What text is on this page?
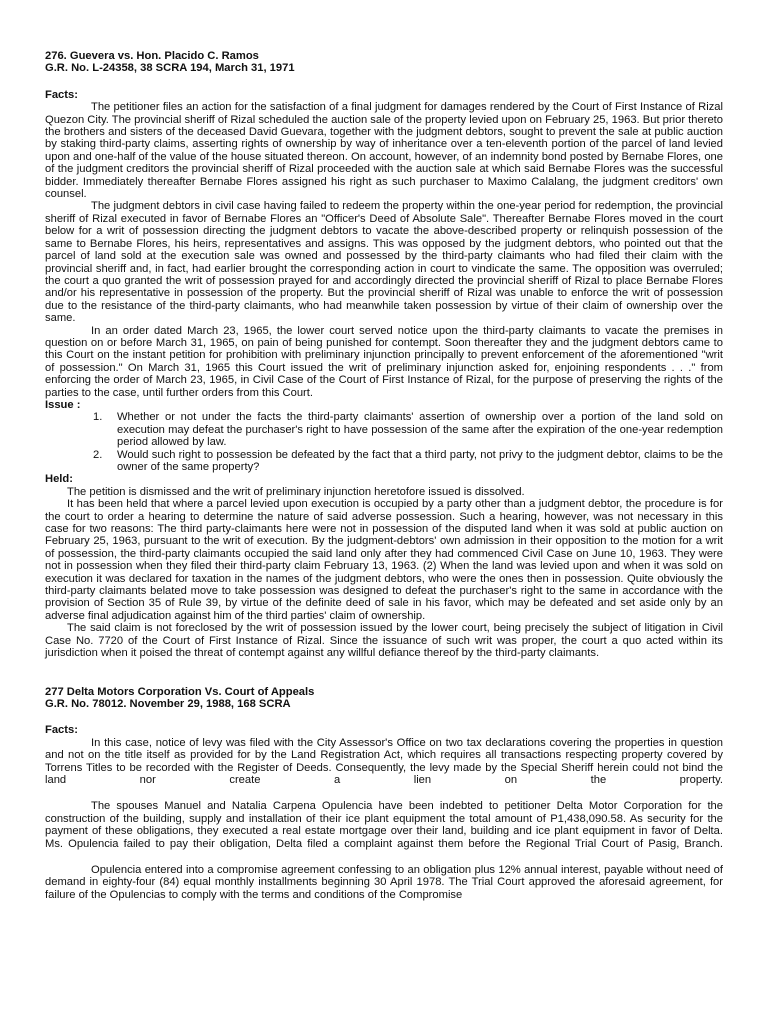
276. Guevera vs. Hon. Placido C. Ramos
G.R. No. L-24358, 38 SCRA 194, March 31, 1971
Facts:

The petitioner files an action for the satisfaction of a final judgment for damages rendered by the Court of First Instance of Rizal Quezon City. The provincial sheriff of Rizal scheduled the auction sale of the property levied upon on February 25, 1963. But prior thereto the brothers and sisters of the deceased David Guevara, together with the judgment debtors, sought to prevent the sale at public auction by staking third-party claims, asserting rights of ownership by way of inheritance over a ten-eleventh portion of the parcel of land levied upon and one-half of the value of the house situated thereon. On account, however, of an indemnity bond posted by Bernabe Flores, one of the judgment creditors the provincial sheriff of Rizal proceeded with the auction sale at which said Bernabe Flores was the successful bidder. Immediately thereafter Bernabe Flores assigned his right as such purchaser to Maximo Calalang, the judgment creditors' own counsel.

The judgment debtors in civil case having failed to redeem the property within the one-year period for redemption, the provincial sheriff of Rizal executed in favor of Bernabe Flores an "Officer's Deed of Absolute Sale". Thereafter Bernabe Flores moved in the court below for a writ of possession directing the judgment debtors to vacate the above-described property or relinquish possession of the same to Bernabe Flores, his heirs, representatives and assigns. This was opposed by the judgment debtors, who pointed out that the parcel of land sold at the execution sale was owned and possessed by the third-party claimants who had filed their claim with the provincial sheriff and, in fact, had earlier brought the corresponding action in court to vindicate the same. The opposition was overruled; the court a quo granted the writ of possession prayed for and accordingly directed the provincial sheriff of Rizal to place Bernabe Flores and/or his representative in possession of the property. But the provincial sheriff of Rizal was unable to enforce the writ of possession due to the resistance of the third-party claimants, who had meanwhile taken possession by virtue of their claim of ownership over the same.

In an order dated March 23, 1965, the lower court served notice upon the third-party claimants to vacate the premises in question on or before March 31, 1965, on pain of being punished for contempt. Soon thereafter they and the judgment debtors came to this Court on the instant petition for prohibition with preliminary injunction principally to prevent enforcement of the aforementioned "writ of possession." On March 31, 1965 this Court issued the writ of preliminary injunction asked for, enjoining respondents . . ." from enforcing the order of March 23, 1965, in Civil Case of the Court of First Instance of Rizal, for the purpose of preserving the rights of the parties to the case, until further orders from this Court.

Issue :
1.	Whether or not under the facts the third-party claimants' assertion of ownership over a portion of the land sold on execution may defeat the purchaser's right to have possession of the same after the expiration of the one-year redemption period allowed by law.
2.	Would such right to possession be defeated by the fact that a third party, not privy to the judgment debtor, claims to be the owner of the same property?
Held:

The petition is dismissed and the writ of preliminary injunction heretofore issued is dissolved.

It has been held that where a parcel levied upon execution is occupied by a party other than a judgment debtor, the procedure is for the court to order a hearing to determine the nature of said adverse possession. Such a hearing, however, was not necessary in this case for two reasons: The third party-claimants here were not in possession of the disputed land when it was sold at public auction on February 25, 1963, pursuant to the writ of execution. By the judgment-debtors' own admission in their opposition to the motion for a writ of possession, the third-party claimants occupied the said land only after they had commenced Civil Case on June 10, 1963. They were not in possession when they filed their third-party claim February 13, 1963. (2) When the land was levied upon and when it was sold on execution it was declared for taxation in the names of the judgment debtors, who were the ones then in possession. Quite obviously the third-party claimants belated move to take possession was designed to defeat the purchaser's right to the same in accordance with the provision of Section 35 of Rule 39, by virtue of the definite deed of sale in his favor, which may be defeated and set aside only by an adverse final adjudication against him of the third parties' claim of ownership.

The said claim is not foreclosed by the writ of possession issued by the lower court, being precisely the subject of litigation in Civil Case No. 7720 of the Court of First Instance of Rizal. Since the issuance of such writ was proper, the court a quo acted within its jurisdiction when it poised the threat of contempt against any willful defiance thereof by the third-party claimants.

277 Delta Motors Corporation Vs. Court of Appeals
G.R. No. 78012. November 29, 1988, 168 SCRA
Facts:

In this case, notice of levy was filed with the City Assessor's Office on two tax declarations covering the properties in question and not on the title itself as provided for by the Land Registration Act, which requires all transactions respecting property covered by Torrens Titles to be recorded with the Register of Deeds. Consequently, the levy made by the Special Sheriff herein could not bind the land nor create a lien on the property.

The spouses Manuel and Natalia Carpena Opulencia have been indebted to petitioner Delta Motor Corporation for the construction of the building, supply and installation of their ice plant equipment the total amount of P1,438,090.58. As security for the payment of these obligations, they executed a real estate mortgage over their land, building and ice plant equipment in favor of Delta. Ms. Opulencia failed to pay their obligation, Delta filed a complaint against them before the Regional Trial Court of Pasig, Branch.

Opulencia entered into a compromise agreement confessing to an obligation plus 12% annual interest, payable without need of demand in eighty-four (84) equal monthly installments beginning 30 April 1978. The Trial Court approved the aforesaid agreement, for failure of the Opulencias to comply with the terms and conditions of the Compromise
